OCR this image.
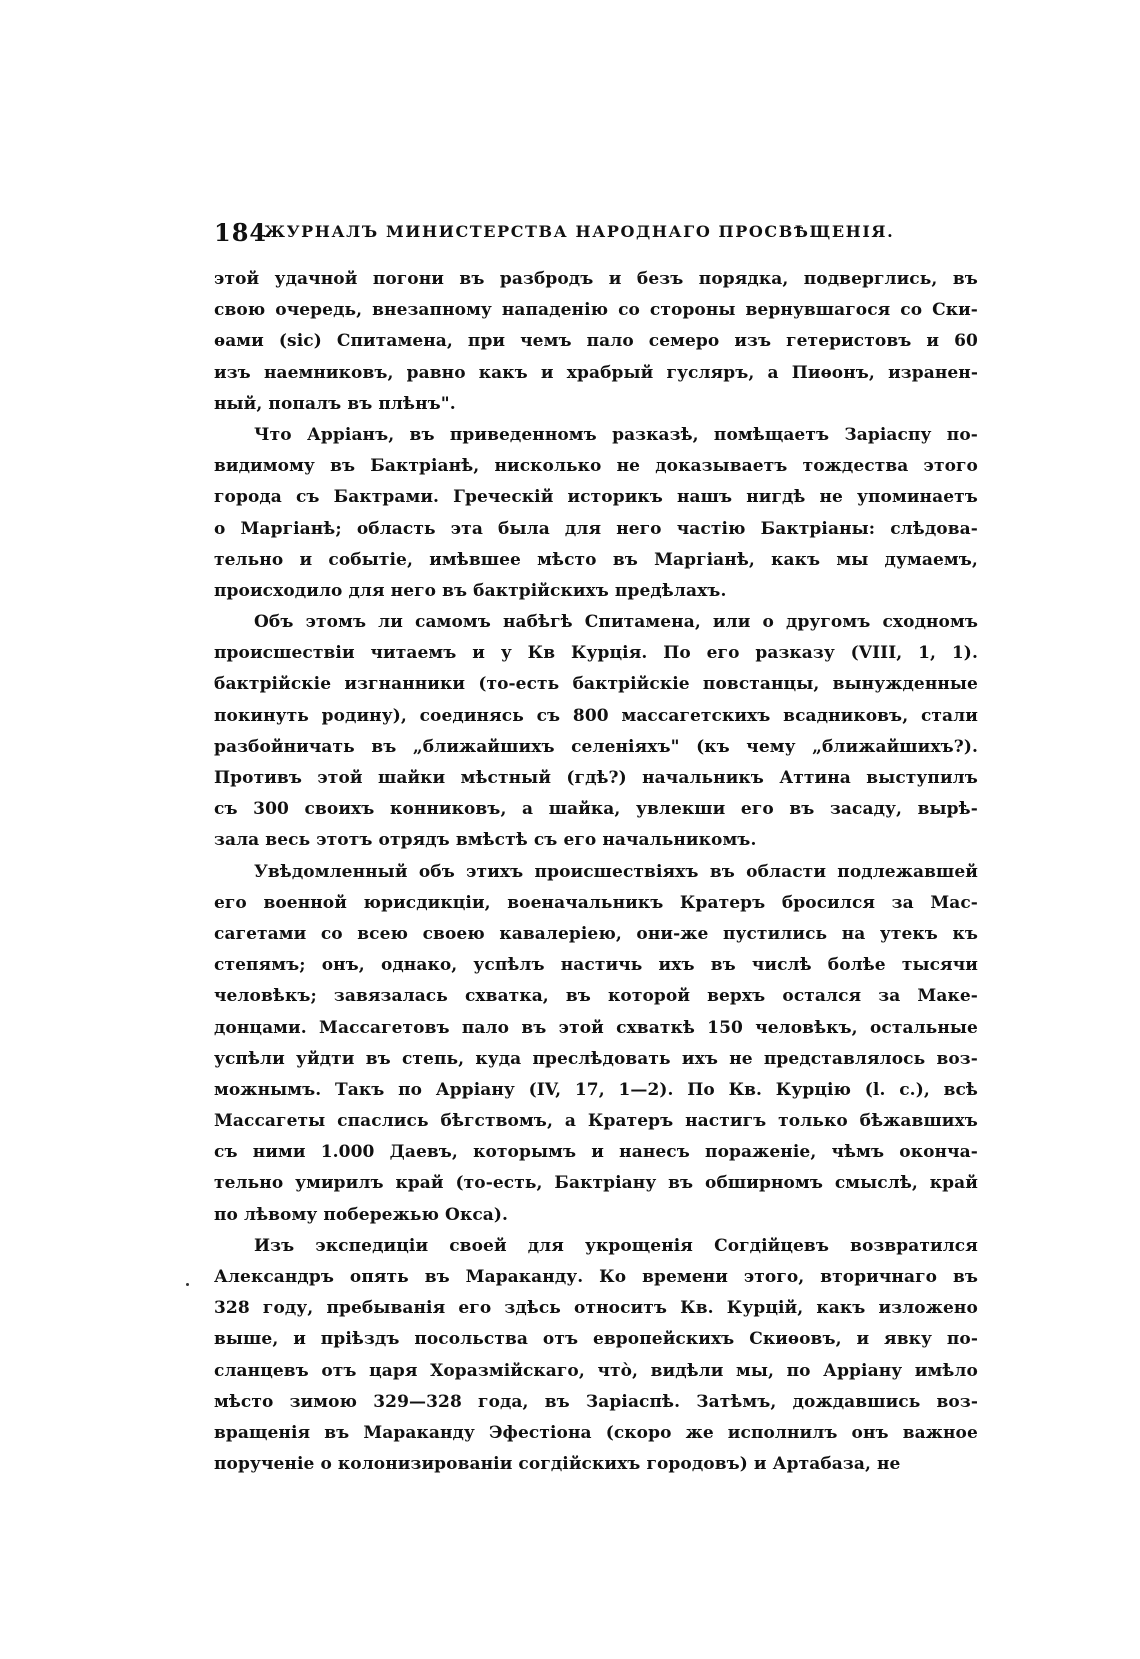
184
ЖУРНАЛЪ МИНИСТЕРСТВА НАРОДНАГО ПРОСВѢЩЕНІЯ.
этой удачной погони въ разбродъ и безъ порядка, подверглись, въ
свою очередь, внезапному нападенію со стороны вернувшагося со Ски-
ѳами (sic) Спитамена, при чемъ пало семеро изъ гетеристовъ и 60
изъ наемниковъ, равно какъ и храбрый гусляръ, а Пиѳонъ, изранен-
ный, попалъ въ плѣнъ".
Что Арріанъ, въ приведенномъ разказѣ, помѣщаетъ Заріаспу по-
видимому въ Бактріанѣ, нисколько не доказываетъ тождества этого
города съ Бактрами. Греческій историкъ нашъ нигдѣ не упоминаетъ
о Маргіанѣ; область эта была для него частію Бактріаны: слѣдова-
тельно и событіе, имѣвшее мѣсто въ Маргіанѣ, какъ мы думаемъ,
происходило для него въ бактрійскихъ предѣлахъ.
Объ этомъ ли самомъ набѣгѣ Спитамена, или о другомъ сходномъ
происшествіи читаемъ и у Кв Курція. По его разказу (VIII, 1, 1).
бактрійскіе изгнанники (то-есть бактрійскіе повстанцы, вынужденные
покинуть родину), соединясь съ 800 массагетскихъ всадниковъ, стали
разбойничать въ „ближайшихъ селеніяхъ" (къ чему „ближайшихъ?).
Противъ этой шайки мѣстный (гдѣ?) начальникъ Аттина выступилъ
съ 300 своихъ конниковъ, а шайка, увлекши его въ засаду, вырѣ-
зала весь этотъ отрядъ вмѣстѣ съ его начальникомъ.
Увѣдомленный объ этихъ происшествіяхъ въ области подлежавшей
его военной юрисдикціи, военачальникъ Кратеръ бросился за Мас-
сагетами со всею своею кавалеріею, они-же пустились на утекъ къ
степямъ; онъ, однако, успѣлъ настичь ихъ въ числѣ болѣе тысячи
человѣкъ; завязалась схватка, въ которой верхъ остался за Маке-
донцами. Массагетовъ пало въ этой схваткѣ 150 человѣкъ, остальные
успѣли уйдти въ степь, куда преслѣдовать ихъ не представлялось воз-
можнымъ. Такъ по Арріану (IV, 17, 1—2). По Кв. Курцію (l. c.), всѣ
Массагеты спаслись бѣгствомъ, а Кратеръ настигъ только бѣжавшихъ
съ ними 1.000 Даевъ, которымъ и нанесъ пораженіе, чѣмъ оконча-
тельно умирилъ край (то-есть, Бактріану въ обширномъ смыслѣ, край
по лѣвому побережью Окса).
Изъ экспедиціи своей для укрощенія Согдійцевъ возвратился
Александръ опять въ Мараканду. Ко времени этого, вторичнаго въ
328 году, пребыванія его здѣсь относитъ Кв. Курцій, какъ изложено
выше, и пріѣздъ посольства отъ европейскихъ Скиѳовъ, и явку по-
сланцевъ отъ царя Хоразмійскаго, чтò, видѣли мы, по Арріану имѣло
мѣсто зимою 329—328 года, въ Заріаспѣ. Затѣмъ, дождавшись воз-
вращенія въ Мараканду Эфестіона (скоро же исполнилъ онъ важное
порученіе о колонизированіи согдійскихъ городовъ) и Артабаза, не
